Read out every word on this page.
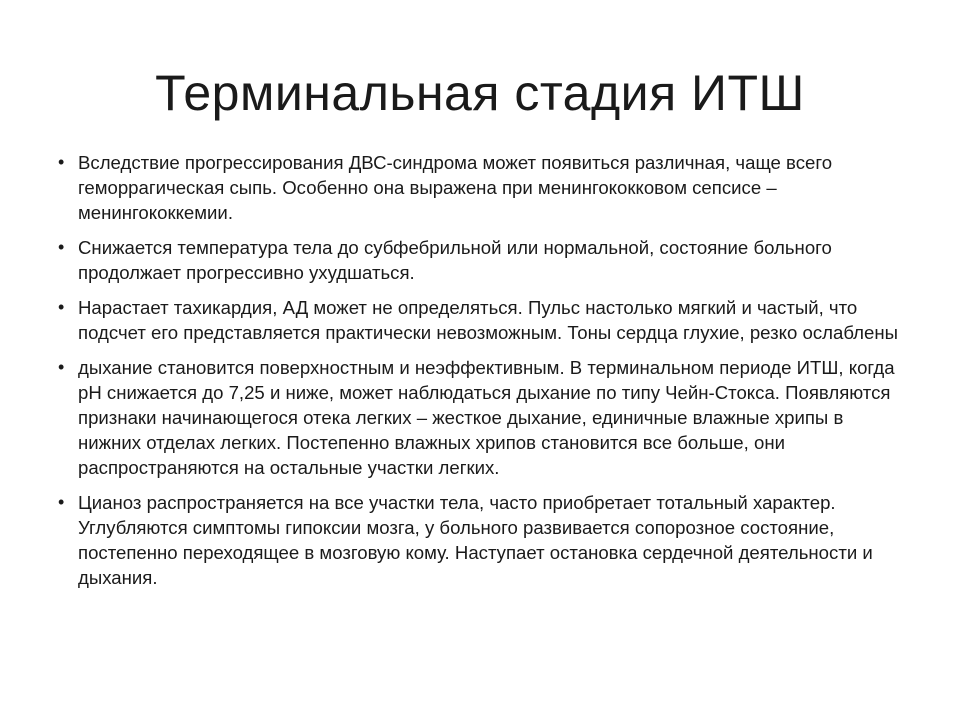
Терминальная стадия ИТШ
• Вследствие прогрессирования ДВС-синдрома может появиться различная, чаще всего геморрагическая сыпь. Особенно она выражена при менингококковом сепсисе – менингококкемии.
• Снижается температура тела до субфебрильной или нормальной, состояние больного продолжает прогрессивно ухудшаться.
• Нарастает тахикардия, АД может не определяться. Пульс настолько мягкий и частый, что подсчет его представляется практически невозможным. Тоны сердца глухие, резко ослаблены
• дыхание становится поверхностным и неэффективным. В терминальном периоде ИТШ, когда pH снижается до 7,25 и ниже, может наблюдаться дыхание по типу Чейн-Стокса. Появляются признаки начинающегося отека легких – жесткое дыхание, единичные влажные хрипы в нижних отделах легких. Постепенно влажных хрипов становится все больше, они распространяются на остальные участки легких.
• Цианоз распространяется на все участки тела, часто приобретает тотальный характер. Углубляются симптомы гипоксии мозга, у больного развивается сопорозное состояние, постепенно переходящее в мозговую кому. Наступает остановка сердечной деятельности и дыхания.
